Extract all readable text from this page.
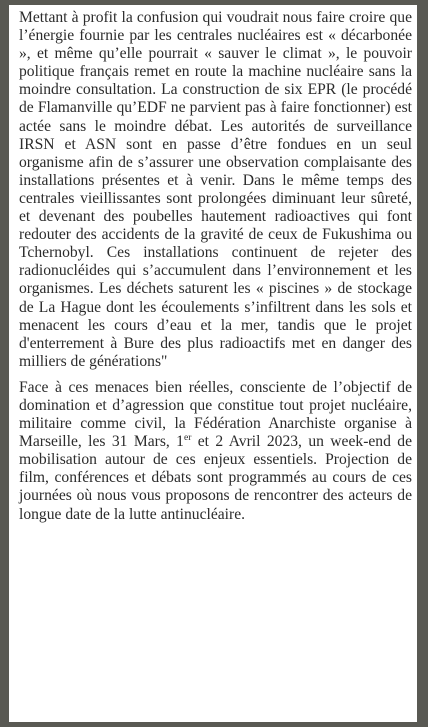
Mettant à profit la confusion qui voudrait nous faire croire que l’énergie fournie par les centrales nucléaires est « décarbonée », et même qu’elle pourrait « sauver le climat », le pouvoir politique français remet en route la machine nucléaire sans la moindre consultation. La construction de six EPR (le procédé de Flamanville qu’EDF ne parvient pas à faire fonctionner) est actée sans le moindre débat. Les autorités de surveillance IRSN et ASN sont en passe d’être fondues en un seul organisme afin de s’assurer une observation complaisante des installations présentes et à venir. Dans le même temps des centrales vieillissantes sont prolongées diminuant leur sûreté, et devenant des poubelles hautement radioactives qui font redouter des accidents de la gravité de ceux de Fukushima ou Tchernobyl. Ces installations continuent de rejeter des radionucléides qui s’accumulent dans l’environnement et les organismes. Les déchets saturent les « piscines » de stockage de La Hague dont les écoulements s’infiltrent dans les sols et menacent les cours d’eau et la mer, tandis que le projet d'enterrement à Bure des plus radioactifs met en danger des milliers de générations"

Face à ces menaces bien réelles, consciente de l’objectif de domination et d’agression que constitue tout projet nucléaire, militaire comme civil, la Fédération Anarchiste organise à Marseille, les 31 Mars, 1er et 2 Avril 2023, un week-end de mobilisation autour de ces enjeux essentiels. Projection de film, conférences et débats sont programmés au cours de ces journées où nous vous proposons de rencontrer des acteurs de longue date de la lutte antinucléaire.
